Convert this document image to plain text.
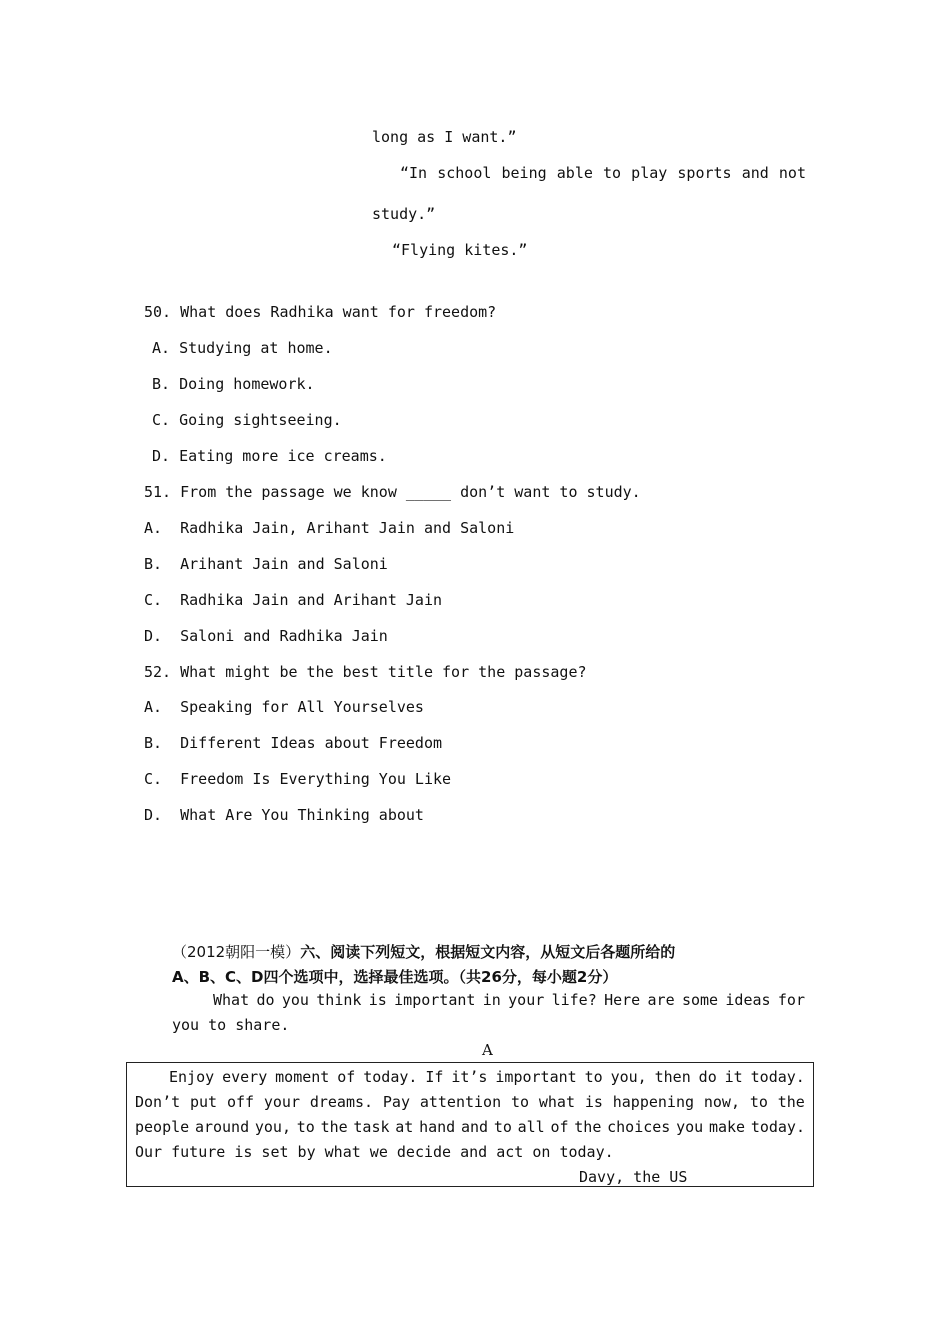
long as I want.”
“In school being able to play sports and not
study.”
“Flying kites.”
50. What does Radhika want for freedom?
A. Studying at home.
B. Doing homework.
C. Going sightseeing.
D. Eating more ice creams.
51. From the passage we know _____ don’t want to study.
A.  Radhika Jain, Arihant Jain and Saloni
B.  Arihant Jain and Saloni
C.  Radhika Jain and Arihant Jain
D.  Saloni and Radhika Jain
52. What might be the best title for the passage?
A.  Speaking for All Yourselves
B.  Different Ideas about Freedom
C.  Freedom Is Everything You Like
D.  What Are You Thinking about
（2012朝阳一模）六、阅读下列短文，根据短文内容，从短文后各题所给的
A、B、C、D四个选项中，选择最佳选项。（共26分，每小题2分）
What do you think is important in your life? Here are some ideas for
you to share.
A
Enjoy every moment of today. If it’s important to you, then do it today.
Don’t put off your dreams. Pay attention to what is happening now, to the
people around you, to the task at hand and to all of the choices you make today.
Our future is set by what we decide and act on today.
Davy, the US
